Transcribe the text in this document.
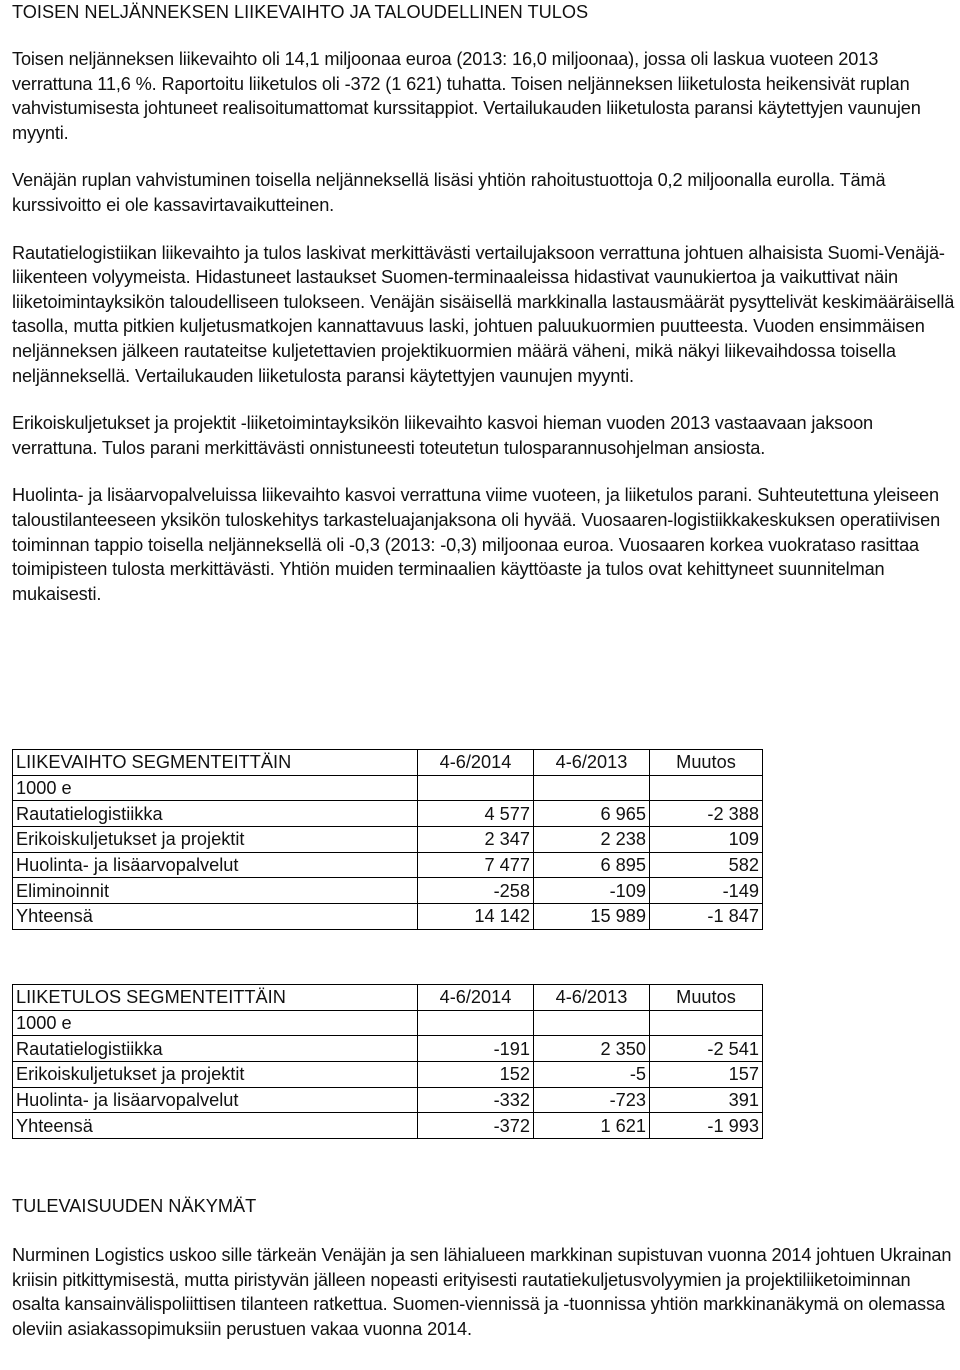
TOISEN NELJÄNNEKSEN LIIKEVAIHTO JA TALOUDELLINEN TULOS

Toisen neljänneksen liikevaihto oli 14,1 miljoonaa euroa (2013: 16,0 miljoonaa), jossa oli laskua vuoteen 2013 verrattuna 11,6 %. Raportoitu liiketulos oli -372 (1 621) tuhatta. Toisen neljänneksen liiketulosta heikensivät ruplan vahvistumisesta johtuneet realisoitumattomat kurssitappiot. Vertailukauden liiketulosta paransi käytettyjen vaunujen myynti.

Venäjän ruplan vahvistuminen toisella neljänneksellä lisäsi yhtiön rahoitustuottoja 0,2 miljoonalla eurolla. Tämä kurssivoitto ei ole kassavirtavaikutteinen.

Rautatielogistiikan liikevaihto ja tulos laskivat merkittävästi vertailujaksoon verrattuna johtuen alhaisista Suomi-Venäjä-liikenteen volyymeista. Hidastuneet lastaukset Suomen-terminaaleissa hidastivat vaunukiertoa ja vaikuttivat näin liiketoimintayksikön taloudelliseen tulokseen. Venäjän sisäisellä markkinalla lastausmäärät pysyttelivät keskimääräisellä tasolla, mutta pitkien kuljetusmatkojen kannattavuus laski, johtuen paluukuormien puutteesta. Vuoden ensimmäisen neljänneksen jälkeen rautateitse kuljetettavien projektikuormien määrä väheni, mikä näkyi liikevaihdossa toisella neljänneksellä. Vertailukauden liiketulosta paransi käytettyjen vaunujen myynti.

Erikoiskuljetukset ja projektit -liiketoimintayksikön liikevaihto kasvoi hieman vuoden 2013 vastaavaan jaksoon verrattuna. Tulos parani merkittävästi onnistuneesti toteutetun tulosparannusohjelman ansiosta.

Huolinta- ja lisäarvopalveluissa liikevaihto kasvoi verrattuna viime vuoteen, ja liiketulos parani. Suhteutettuna yleiseen taloustilanteeseen yksikön tuloskehitys tarkasteluajanjaksona oli hyvää. Vuosaaren-logistiikkakeskuksen operatiivisen toiminnan tappio toisella neljänneksellä oli -0,3 (2013: -0,3) miljoonaa euroa. Vuosaaren korkea vuokrataso rasittaa toimipisteen tulosta merkittävästi. Yhtiön muiden terminaalien käyttöaste ja tulos ovat kehittyneet suunnitelman mukaisesti.

LIIKEVAIHTO SEGMENTEITTÄIN	4-6/2014	4-6/2013	Muutos
1000 e			
Rautatielogistiikka	4 577	6 965	-2 388
Erikoiskuljetukset ja projektit	2 347	2 238	109
Huolinta- ja lisäarvopalvelut	7 477	6 895	582
Eliminoinnit	-258	-109	-149
Yhteensä	14 142	15 989	-1 847
LIIKETULOS SEGMENTEITTÄIN	4-6/2014	4-6/2013	Muutos
1000 e			
Rautatielogistiikka	-191	2 350	-2 541
Erikoiskuljetukset ja projektit	152	-5	157
Huolinta- ja lisäarvopalvelut	-332	-723	391
Yhteensä	-372	1 621	-1 993
TULEVAISUUDEN NÄKYMÄT

Nurminen Logistics uskoo sille tärkeän Venäjän ja sen lähialueen markkinan supistuvan vuonna 2014 johtuen Ukrainan kriisin pitkittymisestä, mutta piristyvän jälleen nopeasti erityisesti rautatiekuljetusvolyymien ja projektiliiketoiminnan osalta kansainvälispoliittisen tilanteen ratkettua. Suomen-viennissä ja -tuonnissa yhtiön markkinanäkymä on olemassa oleviin asiakassopimuksiin perustuen vakaa vuonna 2014.
